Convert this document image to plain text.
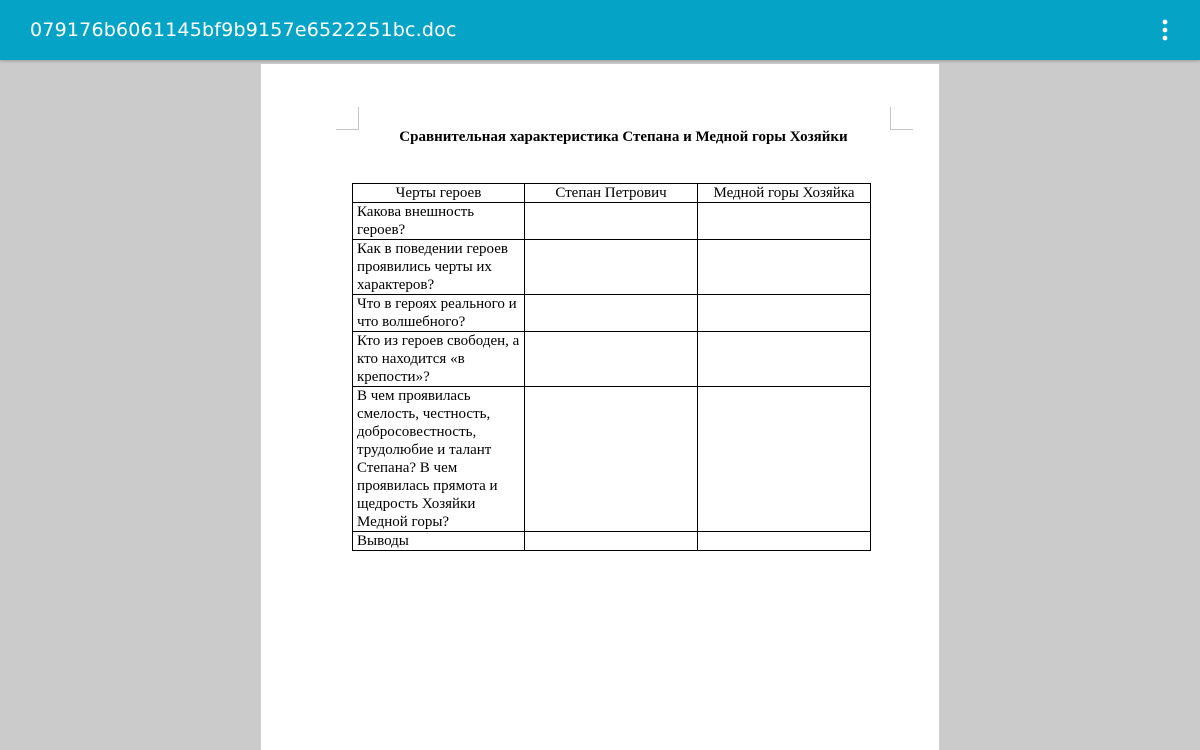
079176b6061145bf9b9157e6522251bc.doc
Сравнительная характеристика Степана и Медной горы Хозяйки
Черты героев	Степан Петрович	Медной горы Хозяйка
Какова внешность героев?		
Как в поведении героев проявились черты их характеров?		
Что в героях реального и что волшебного?		
Кто из героев свободен, а кто находится «в крепости»?		
В чем проявилась смелость, честность, добросовестность, трудолюбие и талант Степана? В чем проявилась прямота и щедрость Хозяйки Медной горы?		
Выводы		
